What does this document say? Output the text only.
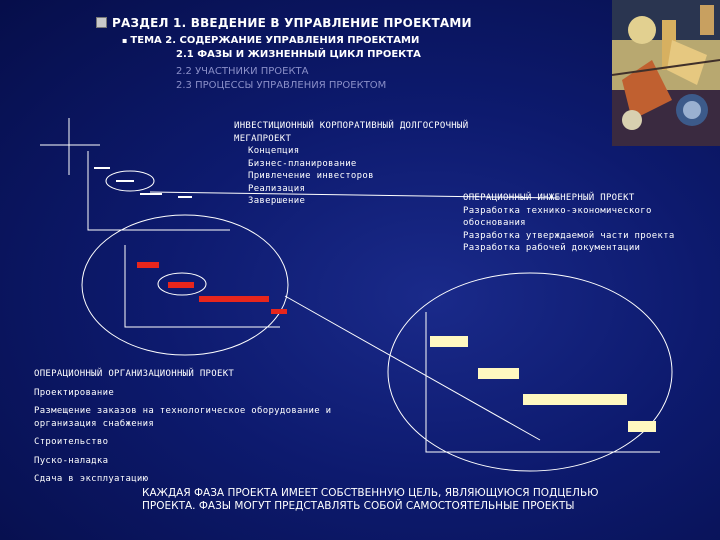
РАЗДЕЛ 1. ВВЕДЕНИЕ В УПРАВЛЕНИЕ ПРОЕКТАМИ
▪ ТЕМА 2. СОДЕРЖАНИЕ УПРАВЛЕНИЯ ПРОЕКТАМИ
2.1 ФАЗЫ И ЖИЗНЕННЫЙ ЦИКЛ ПРОЕКТА
2.2 УЧАСТНИКИ ПРОЕКТА
2.3 ПРОЦЕССЫ УПРАВЛЕНИЯ ПРОЕКТОМ
ИНВЕСТИЦИОННЫЙ КОРПОРАТИВНЫЙ ДОЛГОСРОЧНЫЙ
МЕГАПРОЕКТ
Концепция
Бизнес-планирование
Привлечение инвесторов
Реализация
Завершение	ОПЕРАЦИОННЫЙ ИНЖЕНЕРНЫЙ ПРОЕКТ
Разработка технико-экономического
обоснования
Разработка утверждаемой части проекта
Разработка рабочей документации
ОПЕРАЦИОННЫЙ ОРГАНИЗАЦИОННЫЙ ПРОЕКТ
Проектирование
Размещение заказов на технологическое оборудование и
организация снабжения
Строительство
Пуско-наладка
Сдача в эксплуатацию
КАЖДАЯ ФАЗА ПРОЕКТА ИМЕЕТ СОБСТВЕННУЮ ЦЕЛЬ, ЯВЛЯЮЩУЮСЯ ПОДЦЕЛЬЮ
ПРОЕКТА. ФАЗЫ МОГУТ ПРЕДСТАВЛЯТЬ СОБОЙ САМОСТОЯТЕЛЬНЫЕ ПРОЕКТЫ
